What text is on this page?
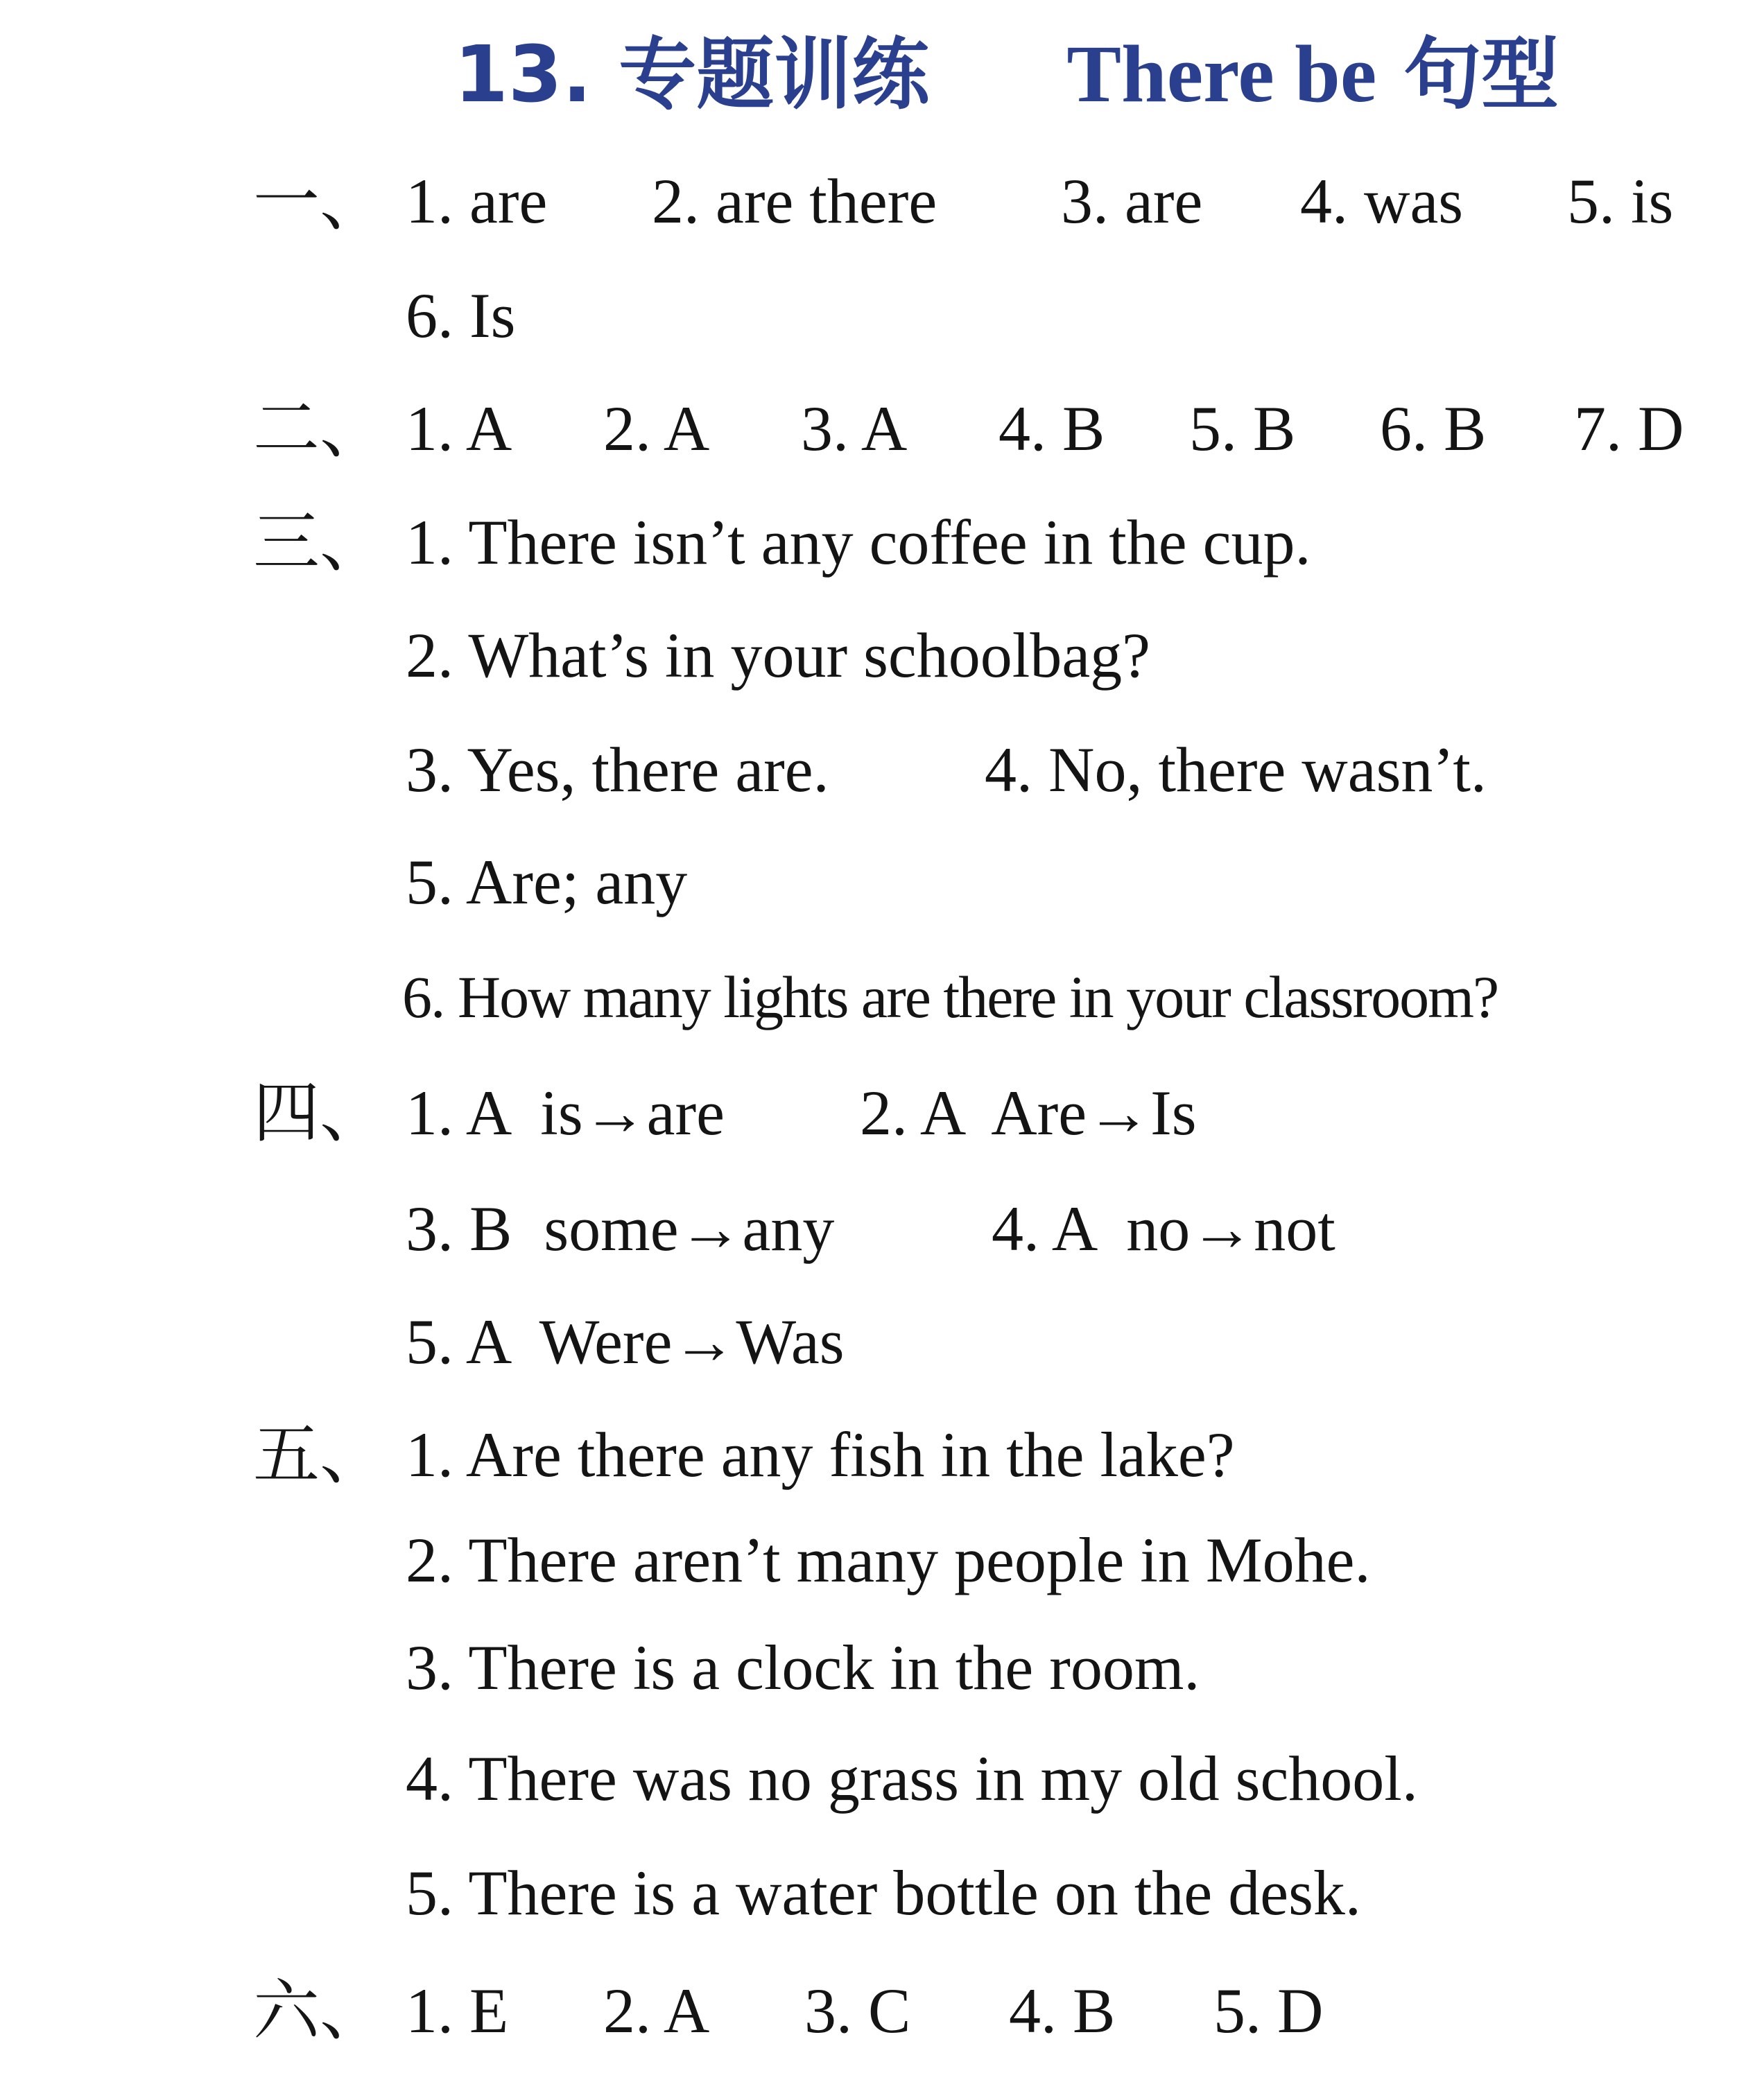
13. 专题训练 There be 句型
一、 1. are 2. are there 3. are 4. was 5. is
6. Is
二、 1. A 2. A 3. A 4. B 5. B 6. B 7. D
三、 1. There isn’t any coffee in the cup.
2. What’s in your schoolbag?
3. Yes, there are. 4. No, there wasn’t.
5. Are; any
6. How many lights are there in your classroom?
四、 1. A  is→are 2. A  Are→Is
3. B  some→any 4. A  no→not
5. A  Were→Was
五、 1. Are there any fish in the lake?
2. There aren’t many people in Mohe.
3. There is a clock in the room.
4. There was no grass in my old school.
5. There is a water bottle on the desk.
六、 1. E 2. A 3. C 4. B 5. D
